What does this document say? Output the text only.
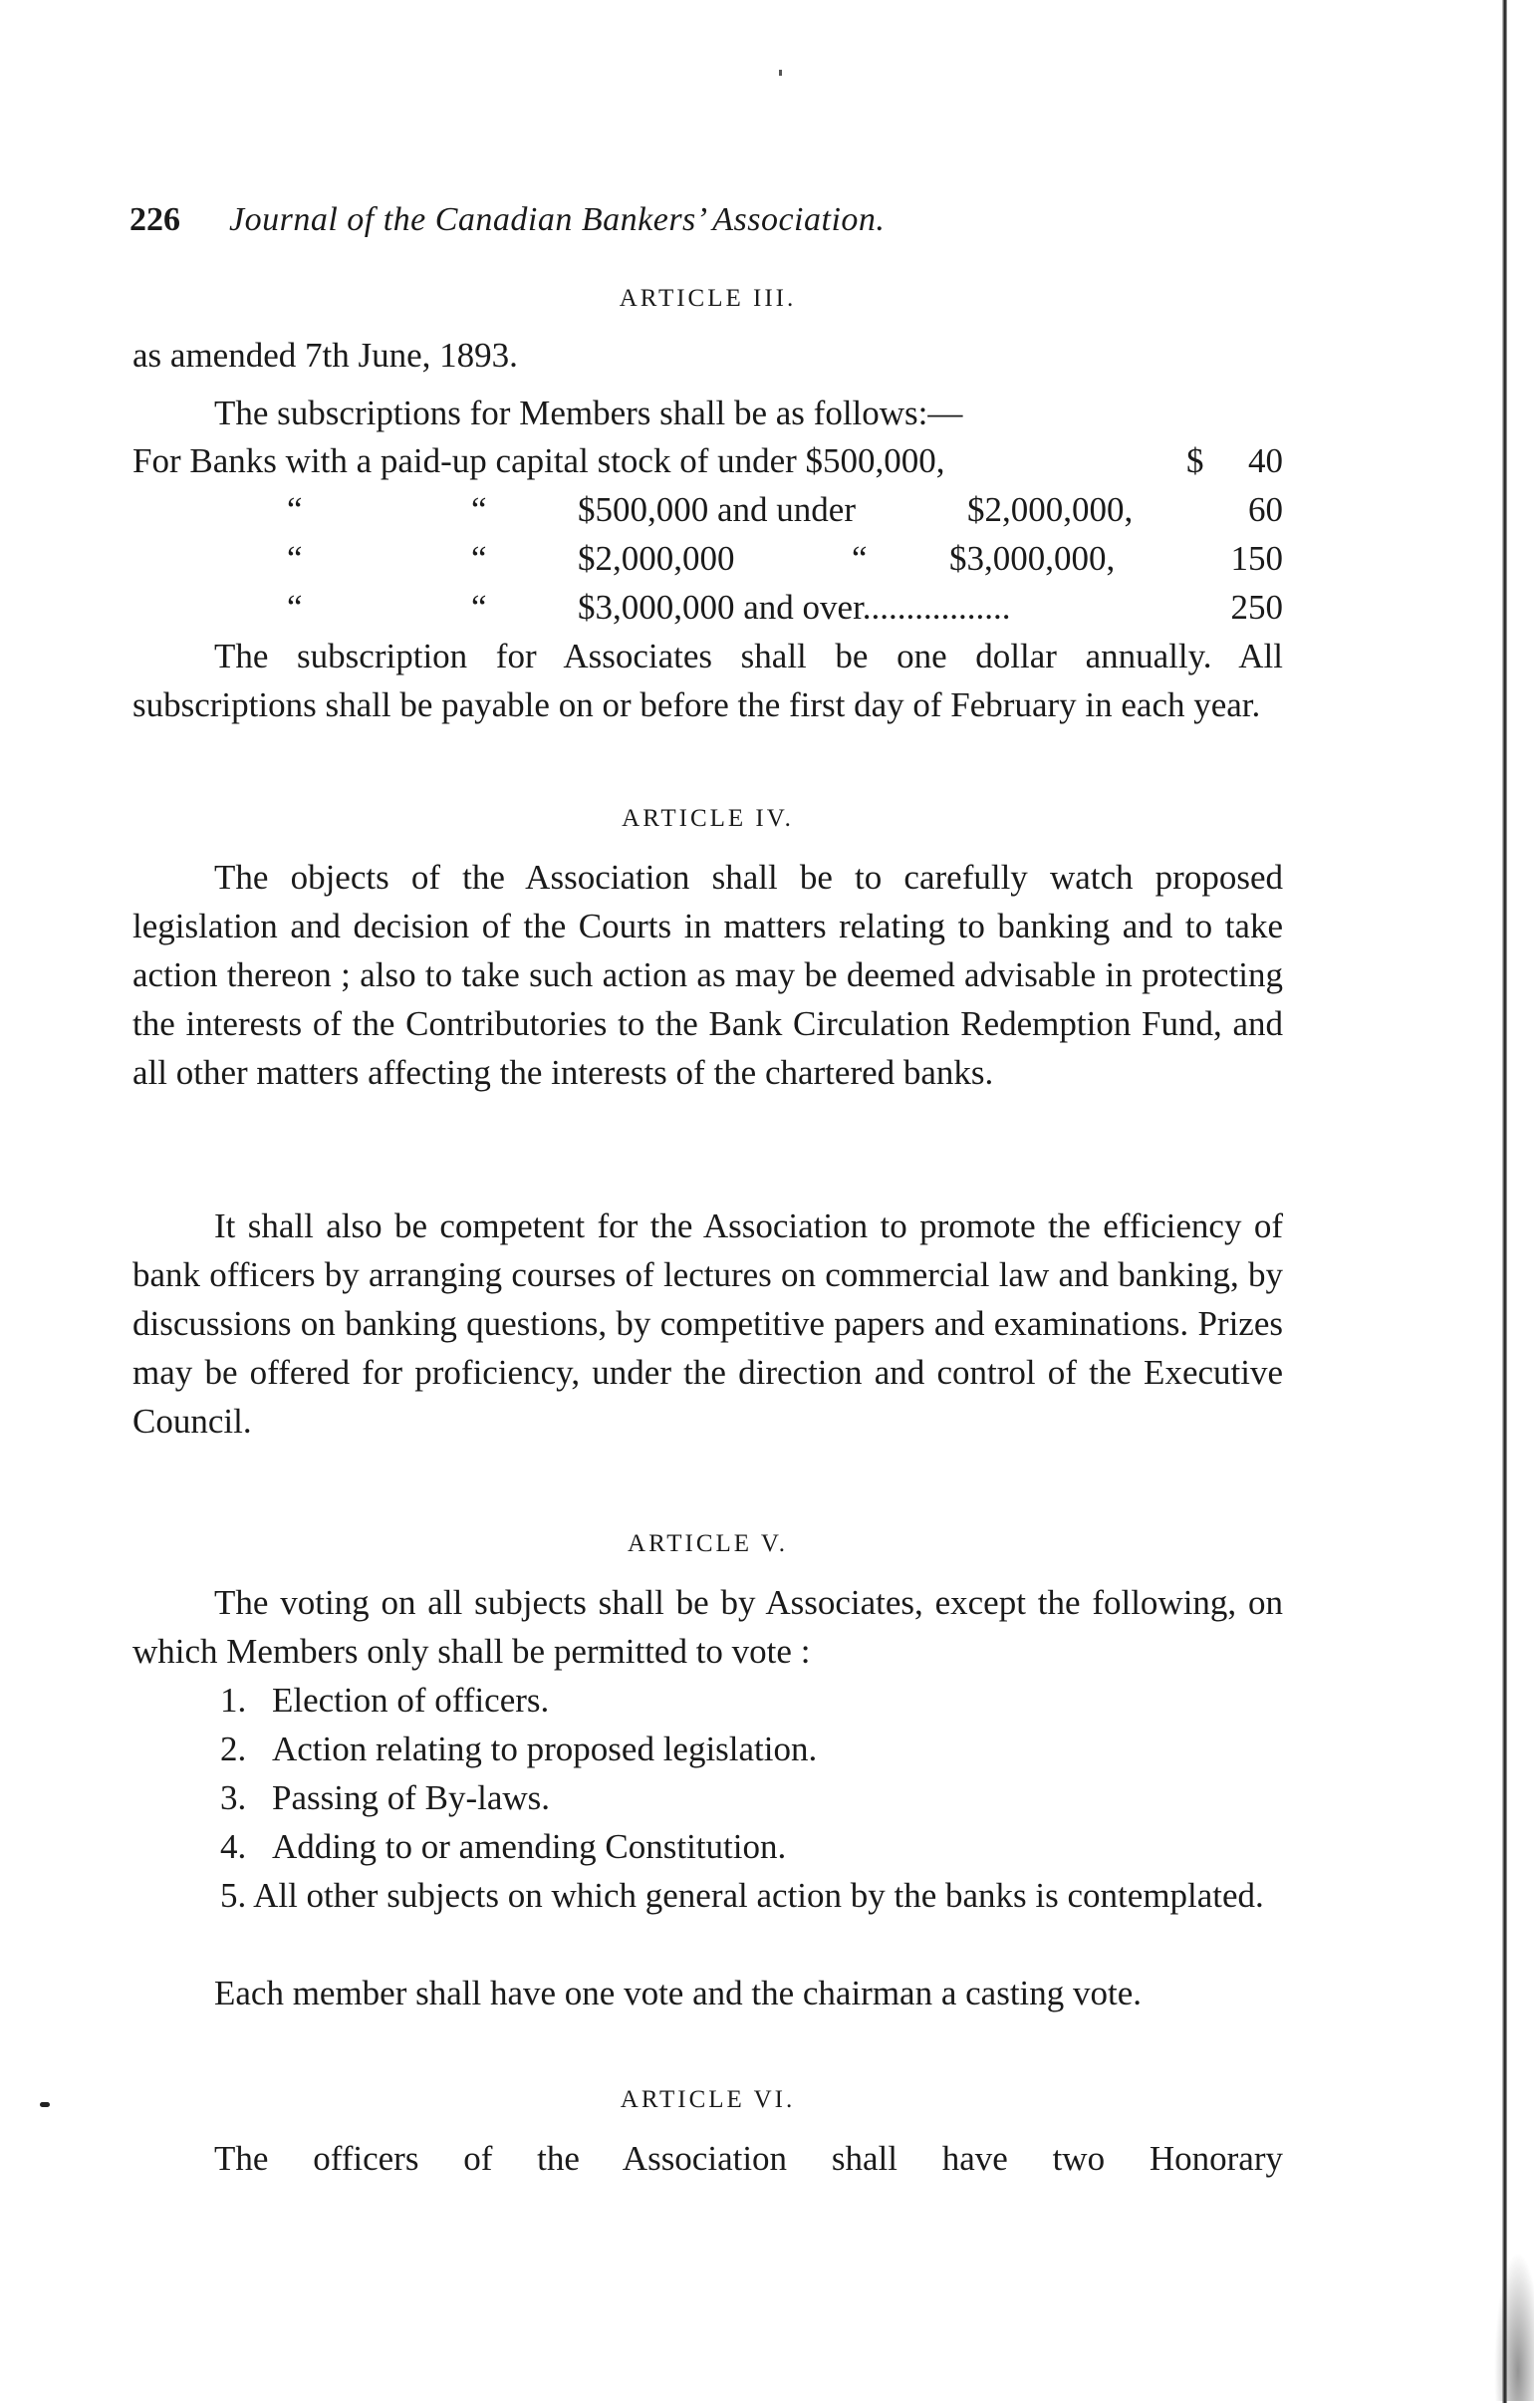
226 Journal of the Canadian Bankers’ Association.

ARTICLE III.

as amended 7th June, 1893.

The subscriptions for Members shall be as follows:—

For Banks with a paid-up capital stock of under $500,000,	$ 40
“	“	$500,000 and under	$2,000,000,	60
“	“	$2,000,000	“ $3,000,000,	150
“	“	$3,000,000 and over.................	250

The subscription for Associates shall be one dollar annually. All subscriptions shall be payable on or before the first day of February in each year.

ARTICLE IV.

The objects of the Association shall be to carefully watch proposed legislation and decision of the Courts in matters relating to banking and to take action thereon ; also to take such action as may be deemed advisable in protecting the interests of the Contributories to the Bank Circulation Redemption Fund, and all other matters affecting the interests of the chartered banks.

It shall also be competent for the Association to promote the efficiency of bank officers by arranging courses of lectures on commercial law and banking, by discussions on banking questions, by competitive papers and examinations. Prizes may be offered for proficiency, under the direction and control of the Executive Council.

ARTICLE V.

The voting on all subjects shall be by Associates, except the following, on which Members only shall be permitted to vote :

1. Election of officers.
2. Action relating to proposed legislation.
3. Passing of By-laws.
4. Adding to or amending Constitution.

5. All other subjects on which general action by the banks is contemplated.

Each member shall have one vote and the chairman a casting vote.

ARTICLE VI.

The officers of the Association shall have two Honorary
